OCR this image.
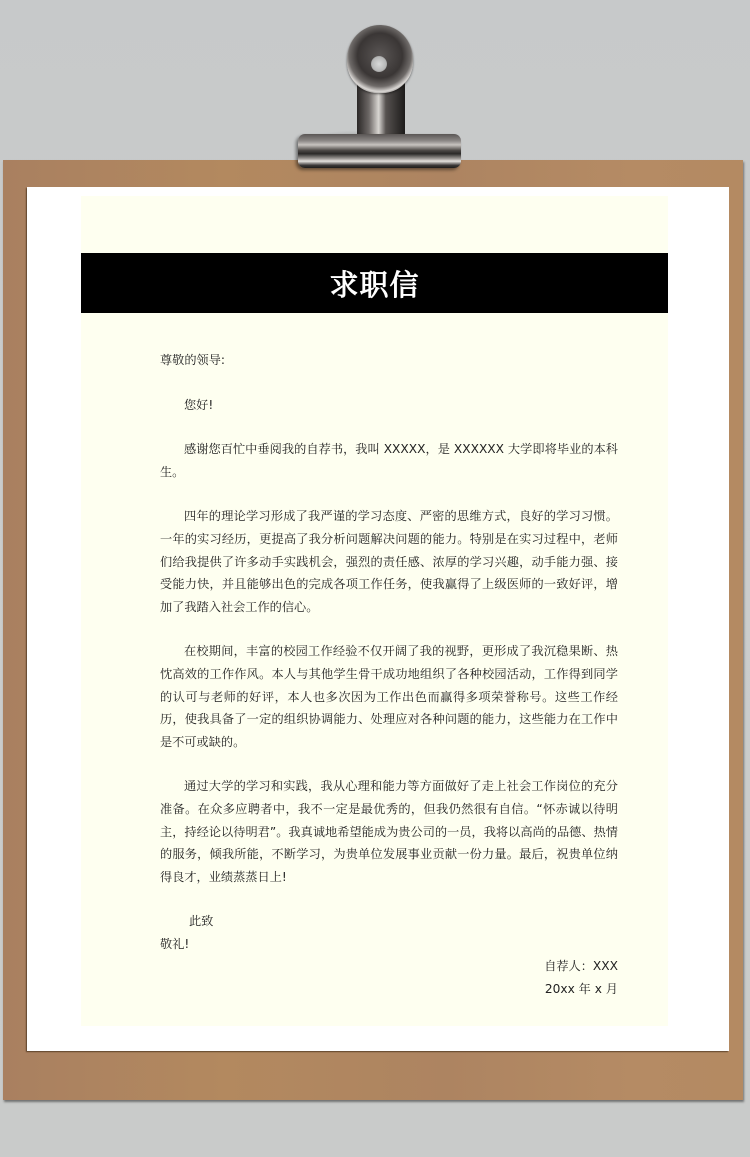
求职信

尊敬的领导:

您好!

感谢您百忙中垂阅我的自荐书，我叫 XXXXX，是 XXXXXX 大学即将毕业的本科生。

四年的理论学习形成了我严谨的学习态度、严密的思维方式，良好的学习习惯。一年的实习经历，更提高了我分析问题解决问题的能力。特别是在实习过程中，老师们给我提供了许多动手实践机会，强烈的责任感、浓厚的学习兴趣，动手能力强、接受能力快，并且能够出色的完成各项工作任务，使我赢得了上级医师的一致好评，增加了我踏入社会工作的信心。

在校期间，丰富的校园工作经验不仅开阔了我的视野，更形成了我沉稳果断、热忱高效的工作作风。本人与其他学生骨干成功地组织了各种校园活动，工作得到同学的认可与老师的好评，本人也多次因为工作出色而赢得多项荣誉称号。这些工作经历，使我具备了一定的组织协调能力、处理应对各种问题的能力，这些能力在工作中是不可或缺的。

通过大学的学习和实践，我从心理和能力等方面做好了走上社会工作岗位的充分准备。在众多应聘者中，我不一定是最优秀的，但我仍然很有自信。“怀赤诚以待明主，持经论以待明君”。我真诚地希望能成为贵公司的一员，我将以高尚的品德、热情的服务，倾我所能，不断学习，为贵单位发展事业贡献一份力量。最后，祝贵单位纳得良才，业绩蒸蒸日上!

此致

敬礼!

自荐人：XXX

20xx 年 x 月
